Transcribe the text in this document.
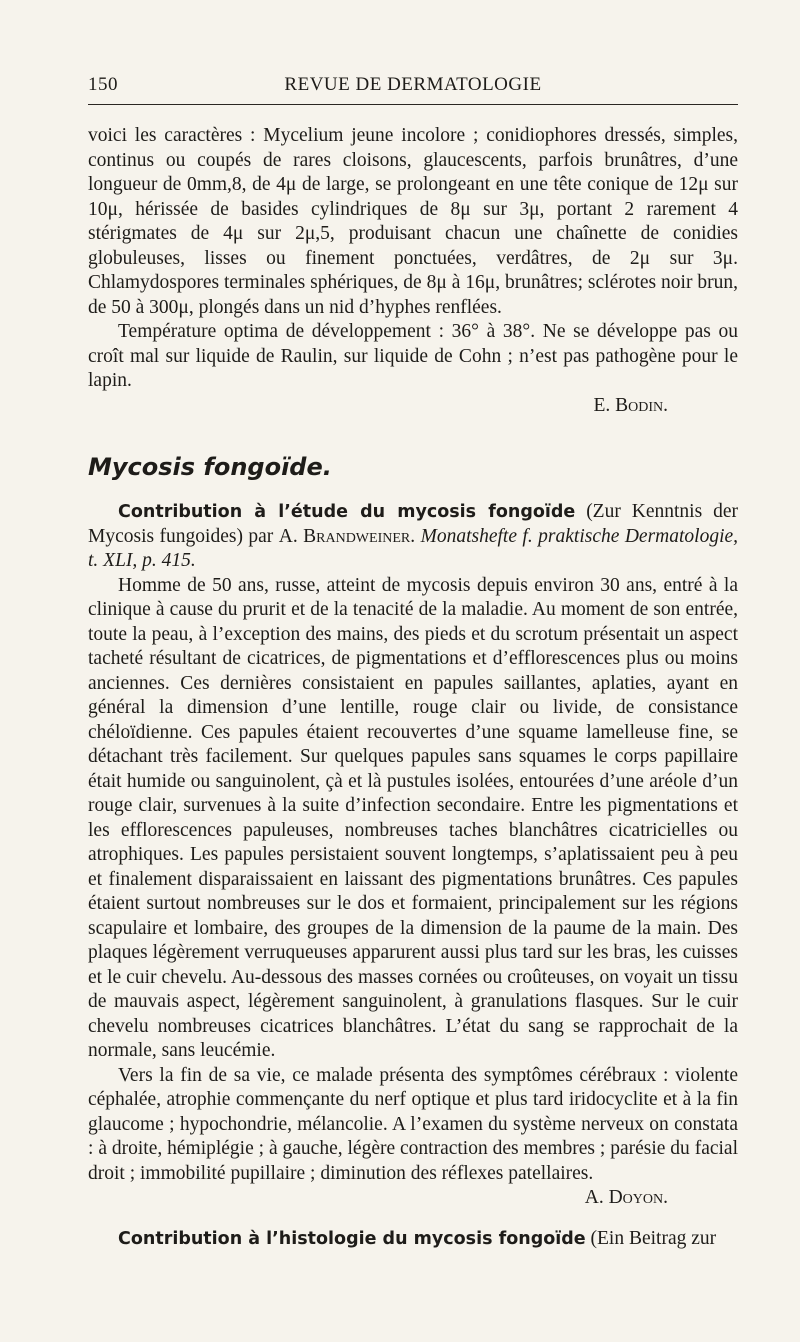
150	REVUE DE DERMATOLOGIE

voici les caractères : Mycelium jeune incolore ; conidiophores dressés, simples, continus ou coupés de rares cloisons, glaucescents, parfois brunâtres, d’une longueur de 0mm,8, de 4μ de large, se prolongeant en une tête conique de 12μ sur 10μ, hérissée de basides cylindriques de 8μ sur 3μ, portant 2 rarement 4 stérigmates de 4μ sur 2μ,5, produisant chacun une chaînette de conidies globuleuses, lisses ou finement ponctuées, verdâtres, de 2μ sur 3μ. Chlamydospores terminales sphériques, de 8μ à 16μ, brunâtres; sclérotes noir brun, de 50 à 300μ, plongés dans un nid d’hyphes renflées.

Température optima de développement : 36° à 38°. Ne se développe pas ou croît mal sur liquide de Raulin, sur liquide de Cohn ; n’est pas pathogène pour le lapin.

E. Bodin.

Mycosis fongoïde.

Contribution à l’étude du mycosis fongoïde (Zur Kenntnis der Mycosis fungoides) par A. Brandweiner. Monatshefte f. praktische Dermatologie, t. XLI, p. 415.

Homme de 50 ans, russe, atteint de mycosis depuis environ 30 ans, entré à la clinique à cause du prurit et de la tenacité de la maladie. Au moment de son entrée, toute la peau, à l’exception des mains, des pieds et du scrotum présentait un aspect tacheté résultant de cicatrices, de pigmentations et d’efflorescences plus ou moins anciennes. Ces dernières consistaient en papules saillantes, aplaties, ayant en général la dimension d’une lentille, rouge clair ou livide, de consistance chéloïdienne. Ces papules étaient recouvertes d’une squame lamelleuse fine, se détachant très facilement. Sur quelques papules sans squames le corps papillaire était humide ou sanguinolent, çà et là pustules isolées, entourées d’une aréole d’un rouge clair, survenues à la suite d’infection secondaire. Entre les pigmentations et les efflorescences papuleuses, nombreuses taches blanchâtres cicatricielles ou atrophiques. Les papules persistaient souvent longtemps, s’aplatissaient peu à peu et finalement disparaissaient en laissant des pigmentations brunâtres. Ces papules étaient surtout nombreuses sur le dos et formaient, principalement sur les régions scapulaire et lombaire, des groupes de la dimension de la paume de la main. Des plaques légèrement verruqueuses apparurent aussi plus tard sur les bras, les cuisses et le cuir chevelu. Au-dessous des masses cornées ou croûteuses, on voyait un tissu de mauvais aspect, légèrement sanguinolent, à granulations flasques. Sur le cuir chevelu nombreuses cicatrices blanchâtres. L’état du sang se rapprochait de la normale, sans leucémie.

Vers la fin de sa vie, ce malade présenta des symptômes cérébraux : violente céphalée, atrophie commençante du nerf optique et plus tard iridocyclite et à la fin glaucome ; hypochondrie, mélancolie. A l’examen du système nerveux on constata : à droite, hémiplégie ; à gauche, légère contraction des membres ; parésie du facial droit ; immobilité pupillaire ; diminution des réflexes patellaires.

A. Doyon.

Contribution à l’histologie du mycosis fongoïde (Ein Beitrag zur
